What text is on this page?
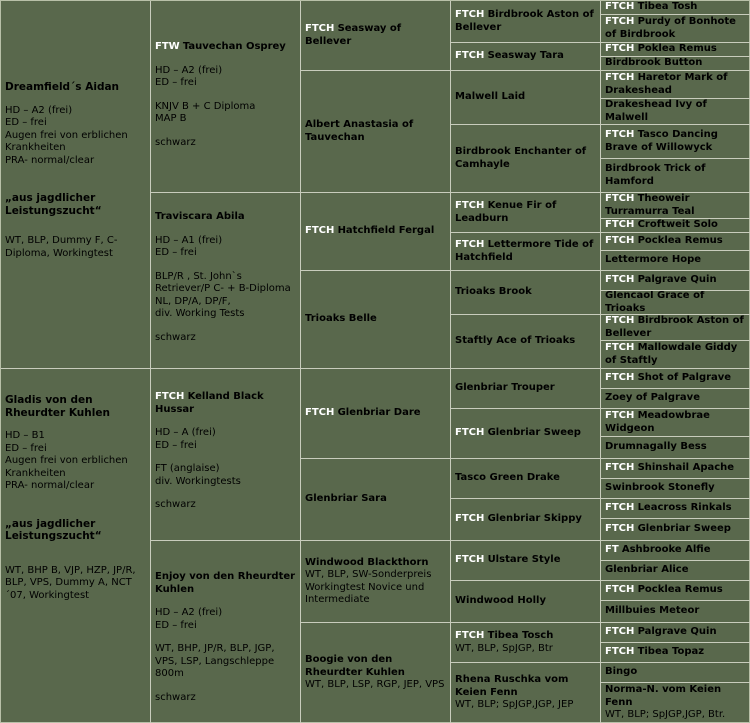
Dreamfield´s Aidan
HD – A2 (frei)
ED – frei
Augen frei von erblichen Krankheiten
PRA- normal/clear
„aus jagdlicher Leistungszucht“
WT, BLP, Dummy F, C-Diploma, Workingtest
Gladis von den Rheurdter Kuhlen
HD – B1
ED – frei
Augen frei von erblichen Krankheiten
PRA- normal/clear
„aus jagdlicher Leistungszucht“
WT, BHP B, VJP, HZP, JP/R, BLP, VPS, Dummy A, NCT´07, Workingtest
FTW Tauvechan Osprey
HD – A2 (frei)
ED – frei
KNJV B + C Diploma
MAP B
schwarz
Traviscara Abila
HD – A1 (frei)
ED – frei
BLP/R , St. John`s Retriever/P C- + B-Diploma
NL, DP/A, DP/F,
div. Working Tests
schwarz
FTCH Kelland Black Hussar
HD – A (frei)
ED – frei
FT (anglaise)
div. Workingtests
schwarz
Enjoy von den Rheurdter Kuhlen
HD – A2 (frei)
ED – frei
WT, BHP, JP/R, BLP, JGP, VPS, LSP, Langschleppe 800m
schwarz
FTCH Seasway of Bellever
Albert Anastasia of Tauvechan
FTCH Hatchfield Fergal
Trioaks Belle
FTCH Glenbriar Dare
Glenbriar Sara
Windwood Blackthorn
WT, BLP, SW-Sonderpreis Workingtest Novice und Intermediate
Boogie von den Rheurdter Kuhlen
WT, BLP, LSP, RGP, JEP, VPS
FTCH Birdbrook Aston of Bellever
FTCH Seasway Tara
Malwell Laid
Birdbrook Enchanter of Camhayle
FTCH Kenue Fir of Leadburn
FTCH Lettermore Tide of Hatchfield
Trioaks Brook
Staftly Ace of Trioaks
Glenbriar Trouper
FTCH Glenbriar Sweep
Tasco Green Drake
FTCH Glenbriar Skippy
FTCH Ulstare Style
Windwood Holly
FTCH Tibea Tosch
WT, BLP, SpJGP, Btr
Rhena Ruschka vom Keien Fenn
WT, BLP; SpJGP,JGP, JEP
FTCH Tibea Tosh
FTCH Purdy of Bonhote of Birdbrook
FTCH Poklea Remus
Birdbrook Button
FTCH Haretor Mark of Drakeshead
Drakeshead Ivy of Malwell
FTCH Tasco Dancing Brave of Willowyck
Birdbrook Trick of Hamford
FTCH Theoweir Turramurra Teal
FTCH Croftweit Solo
FTCH Pocklea Remus
Lettermore Hope
FTCH Palgrave Quin
Glencaol Grace of Trioaks
FTCH Birdbrook Aston of Bellever
FTCH Mallowdale Giddy of Staftly
FTCH Shot of Palgrave
Zoey of Palgrave
FTCH Meadowbrae Widgeon
Drumnagally Bess
FTCH Shinshail Apache
Swinbrook Stonefly
FTCH Leacross Rinkals
FTCH Glenbriar Sweep
FT Ashbrooke Alfie
Glenbriar Alice
FTCH Pocklea Remus
Millbuies Meteor
FTCH Palgrave Quin
FTCH Tibea Topaz
Bingo
Norma-N. vom Keien Fenn
WT, BLP; SpJGP,JGP, Btr.
